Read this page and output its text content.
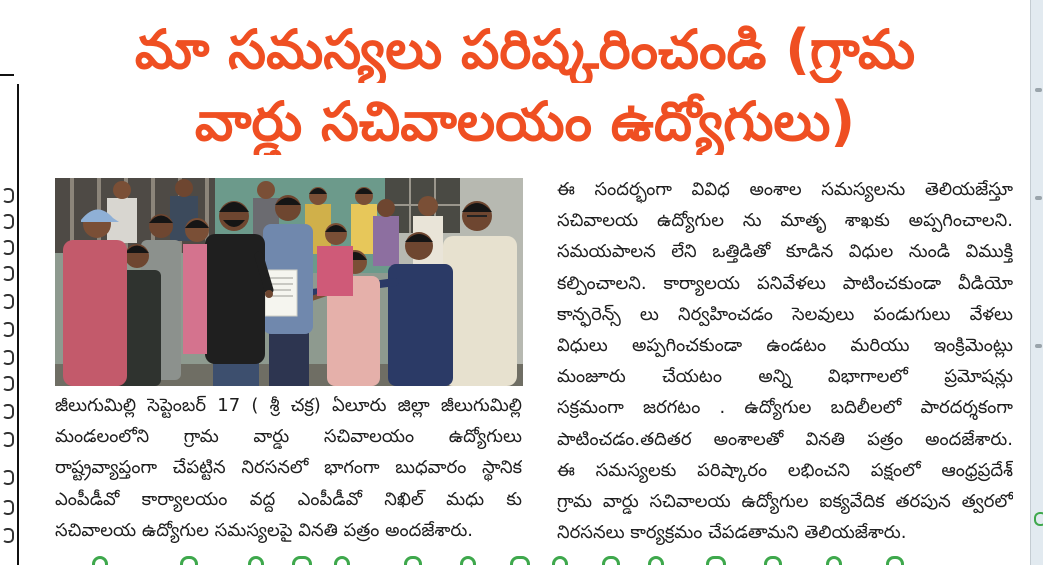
మా సమస్యలు పరిష్కరించండి (గ్రామ
వార్డు సచివాలయం ఉద్యోగులు)
జీలుగుమిల్లి సెప్టెంబర్ 17 ( శ్రీ చక్ర) ఏలూరు జిల్లా జీలుగుమిల్లి
మండలంలోని గ్రామ వార్డు సచివాలయం ఉద్యోగులు
రాష్ట్రవ్యాప్తంగా చేపట్టిన నిరసనలో భాగంగా బుధవారం స్థానిక
ఎంపీడీవో కార్యాలయం వద్ద ఎంపీడీవో నిఖిల్ మధు కు
సచివాలయ ఉద్యోగుల సమస్యలపై వినతి పత్రం అందజేశారు.
ఈ సందర్భంగా వివిధ అంశాల సమస్యలను తెలియజేస్తూ
సచివాలయ ఉద్యోగుల ను మాతృ శాఖకు అప్పగించాలని.
సమయపాలన లేని ఒత్తిడితో కూడిన విధుల నుండి విముక్తి
కల్పించాలని. కార్యాలయ పనివేళలు పాటించకుండా వీడియో
కాన్ఫరెన్స్ లు నిర్వహించడం సెలవులు పండుగులు వేళలు
విధులు అప్పగించకుండా ఉండటం మరియు ఇంక్రిమెంట్లు
మంజూరు చేయటం అన్ని విభాగాలలో ప్రమోషన్లు
సక్రమంగా జరగటం . ఉద్యోగుల బదిలీలలో పారదర్శకంగా
పాటించడం.తదితర అంశాలతో వినతి పత్రం అందజేశారు.
ఈ సమస్యలకు పరిష్కారం లభించని పక్షంలో ఆంధ్రప్రదేశ్
గ్రామ వార్డు సచివాలయ ఉద్యోగుల ఐక్యవేదిక తరపున త్వరలో
నిరసనలు కార్యక్రమం చేపడతామని తెలియజేశారు.
